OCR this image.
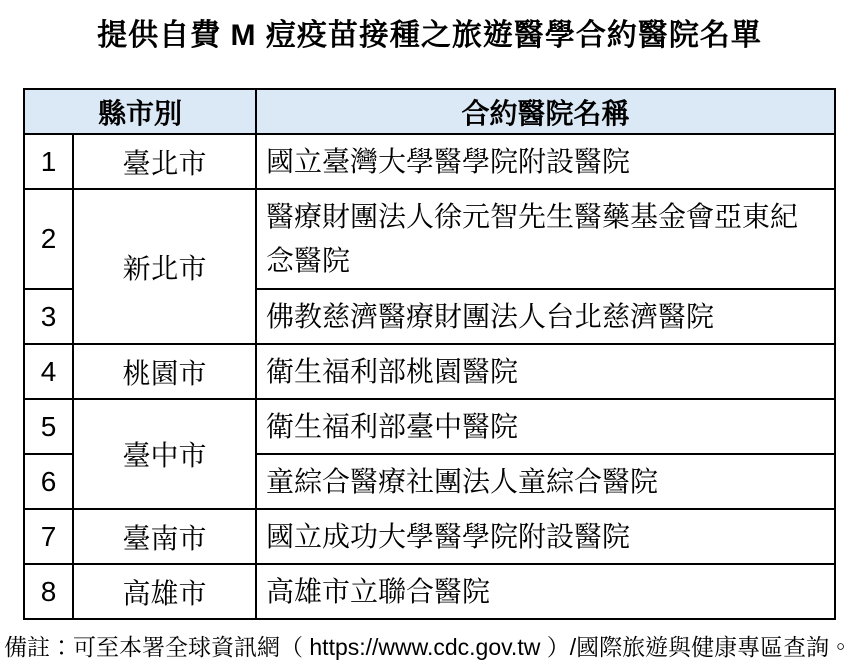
提供自費 M 痘疫苗接種之旅遊醫學合約醫院名單
縣市別		合約醫院名稱
1	臺北市	國立臺灣大學醫學院附設醫院
2	新北市	醫療財團法人徐元智先生醫藥基金會亞東紀念醫院
3		佛教慈濟醫療財團法人台北慈濟醫院
4	桃園市	衛生福利部桃園醫院
5	臺中市	衛生福利部臺中醫院
6		童綜合醫療社團法人童綜合醫院
7	臺南市	國立成功大學醫學院附設醫院
8	高雄市	高雄市立聯合醫院

備註：可至本署全球資訊網（ https://www.cdc.gov.tw ）/國際旅遊與健康專區查詢。
